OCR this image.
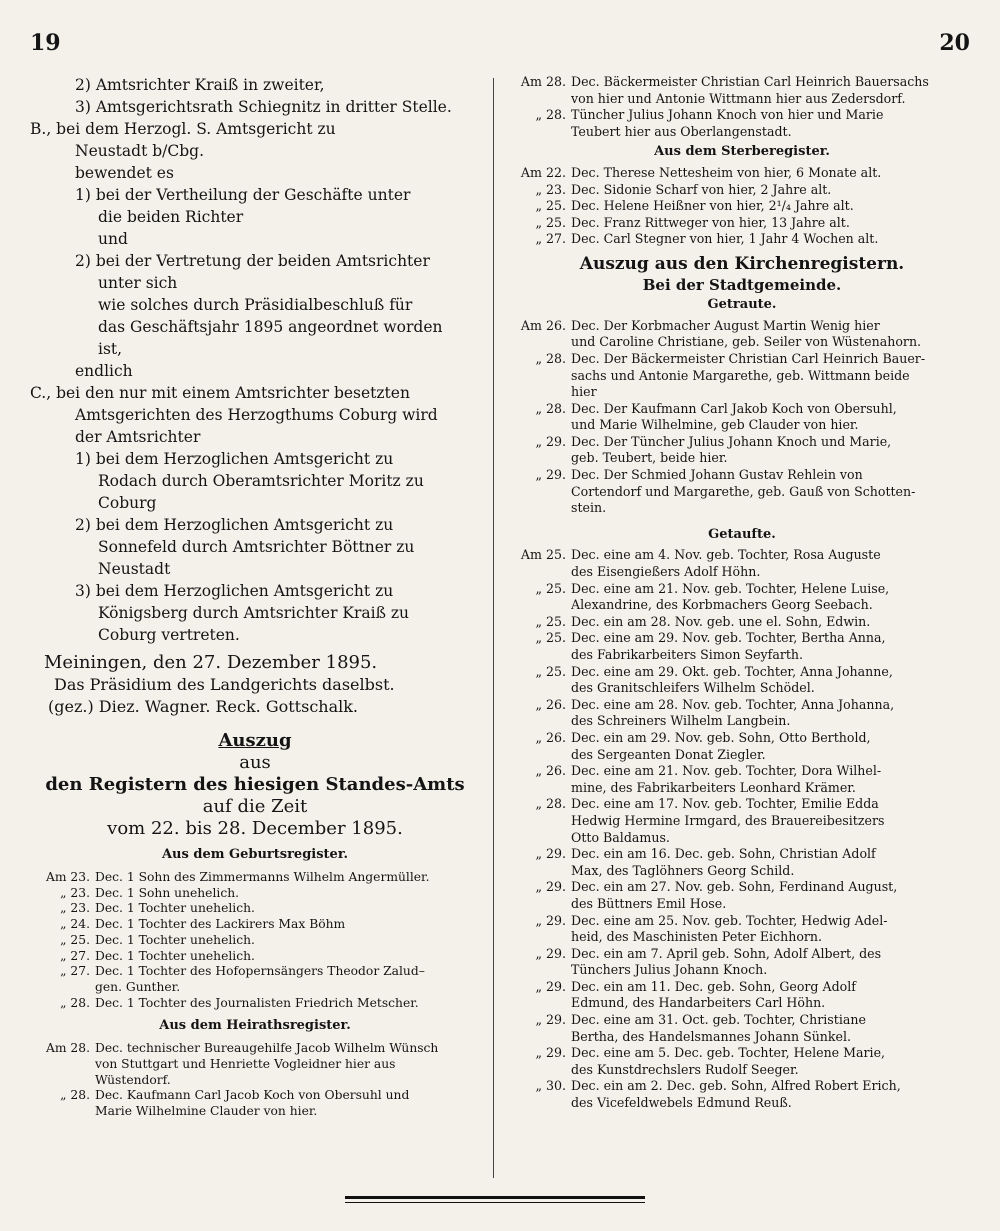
19	20
2) Amtsrichter Kraiß in zweiter,
3) Amtsgerichtsrath Schiegnitz in dritter Stelle.
B., bei dem Herzogl. S. Amtsgericht zu
Neustadt b/Cbg.
bewendet es
1) bei der Vertheilung der Geschäfte unter
die beiden Richter
und
2) bei der Vertretung der beiden Amtsrichter
unter sich
wie solches durch Präsidialbeschluß für
das Geschäftsjahr 1895 angeordnet worden
ist,
endlich
C., bei den nur mit einem Amtsrichter besetzten
Amtsgerichten des Herzogthums Coburg wird
der Amtsrichter
1) bei dem Herzoglichen Amtsgericht zu
Rodach durch Oberamtsrichter Moritz zu
Coburg
2) bei dem Herzoglichen Amtsgericht zu
Sonnefeld durch Amtsrichter Böttner zu
Neustadt
3) bei dem Herzoglichen Amtsgericht zu
Königsberg durch Amtsrichter Kraiß zu
Coburg vertreten.
Meiningen, den 27. Dezember 1895.
Das Präsidium des Landgerichts daselbst.
(gez.) Diez. Wagner. Reck. Gottschalk.
Auszug
aus
den Registern des hiesigen Standes-Amts
auf die Zeit
vom 22. bis 28. December 1895.
Aus dem Geburtsregister.
Am 23. Dec. 1 Sohn des Zimmermanns Wilhelm Angermüller.
„ 23. Dec. 1 Sohn unehelich.
„ 23. Dec. 1 Tochter unehelich.
„ 24. Dec. 1 Tochter des Lackirers Max Böhm
„ 25. Dec. 1 Tochter unehelich.
„ 27. Dec. 1 Tochter unehelich.
„ 27. Dec. 1 Tochter des Hofopernsängers Theodor Zalud–
gen. Gunther.
„ 28. Dec. 1 Tochter des Journalisten Friedrich Metscher.
Aus dem Heirathsregister.
Am 28. Dec. technischer Bureaugehilfe Jacob Wilhelm Wünsch
von Stuttgart und Henriette Vogleidner hier aus
Wüstendorf.
„ 28. Dec. Kaufmann Carl Jacob Koch von Obersuhl und
Marie Wilhelmine Clauder von hier.
Am 28. Dec. Bäckermeister Christian Carl Heinrich Bauersachs
von hier und Antonie Wittmann hier aus Zedersdorf.
„ 28. Tüncher Julius Johann Knoch von hier und Marie
Teubert hier aus Oberlangenstadt.
Aus dem Sterberegister.
Am 22. Dec. Therese Nettesheim von hier, 6 Monate alt.
„ 23. Dec. Sidonie Scharf von hier, 2 Jahre alt.
„ 25. Dec. Helene Heißner von hier, 2¹/₄ Jahre alt.
„ 25. Dec. Franz Rittweger von hier, 13 Jahre alt.
„ 27. Dec. Carl Stegner von hier, 1 Jahr 4 Wochen alt.
Auszug aus den Kirchenregistern.
Bei der Stadtgemeinde.
Getraute.
Am 26. Dec. Der Korbmacher August Martin Wenig hier
und Caroline Christiane, geb. Seiler von Wüstenahorn.
„ 28. Dec. Der Bäckermeister Christian Carl Heinrich Bauer-
sachs und Antonie Margarethe, geb. Wittmann beide
hier
„ 28. Dec. Der Kaufmann Carl Jakob Koch von Obersuhl,
und Marie Wilhelmine, geb Clauder von hier.
„ 29. Dec. Der Tüncher Julius Johann Knoch und Marie,
geb. Teubert, beide hier.
„ 29. Dec. Der Schmied Johann Gustav Rehlein von
Cortendorf und Margarethe, geb. Gauß von Schotten-
stein.
Getaufte.
Am 25. Dec. eine am 4. Nov. geb. Tochter, Rosa Auguste
des Eisengießers Adolf Höhn.
„ 25. Dec. eine am 21. Nov. geb. Tochter, Helene Luise,
Alexandrine, des Korbmachers Georg Seebach.
„ 25. Dec. ein am 28. Nov. geb. une el. Sohn, Edwin.
„ 25. Dec. eine am 29. Nov. geb. Tochter, Bertha Anna,
des Fabrikarbeiters Simon Seyfarth.
„ 25. Dec. eine am 29. Okt. geb. Tochter, Anna Johanne,
des Granitschleifers Wilhelm Schödel.
„ 26. Dec. eine am 28. Nov. geb. Tochter, Anna Johanna,
des Schreiners Wilhelm Langbein.
„ 26. Dec. ein am 29. Nov. geb. Sohn, Otto Berthold,
des Sergeanten Donat Ziegler.
„ 26. Dec. eine am 21. Nov. geb. Tochter, Dora Wilhel-
mine, des Fabrikarbeiters Leonhard Krämer.
„ 28. Dec. eine am 17. Nov. geb. Tochter, Emilie Edda
Hedwig Hermine Irmgard, des Brauereibesitzers
Otto Baldamus.
„ 29. Dec. ein am 16. Dec. geb. Sohn, Christian Adolf
Max, des Taglöhners Georg Schild.
„ 29. Dec. ein am 27. Nov. geb. Sohn, Ferdinand August,
des Büttners Emil Hose.
„ 29. Dec. eine am 25. Nov. geb. Tochter, Hedwig Adel-
heid, des Maschinisten Peter Eichhorn.
„ 29. Dec. ein am 7. April geb. Sohn, Adolf Albert, des
Tünchers Julius Johann Knoch.
„ 29. Dec. ein am 11. Dec. geb. Sohn, Georg Adolf
Edmund, des Handarbeiters Carl Höhn.
„ 29. Dec. eine am 31. Oct. geb. Tochter, Christiane
Bertha, des Handelsmannes Johann Sünkel.
„ 29. Dec. eine am 5. Dec. geb. Tochter, Helene Marie,
des Kunstdrechslers Rudolf Seeger.
„ 30. Dec. ein am 2. Dec. geb. Sohn, Alfred Robert Erich,
des Vicefeldwebels Edmund Reuß.
